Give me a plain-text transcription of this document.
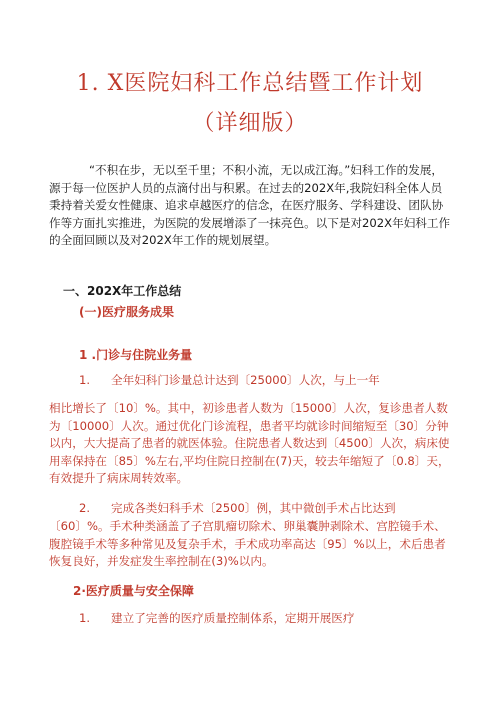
1. X医院妇科工作总结暨工作计划
（详细版）
“不积在步，无以至千里；不积小流，无以成江海。”妇科工作的发展，源于每一位医护人员的点滴付出与积累。在过去的202X年,我院妇科全体人员秉持着关爱女性健康、追求卓越医疗的信念，在医疗服务、学科建设、团队协作等方面扎实推进，为医院的发展增添了一抹亮色。以下是对202X年妇科工作的全面回顾以及对202X年工作的规划展望。
一、202X年工作总结
(一)医疗服务成果
1 .门诊与住院业务量
1. 全年妇科门诊量总计达到〔25000〕人次，与上一年
相比增长了〔10〕%。其中，初诊患者人数为〔15000〕人次，复诊患者人数为〔10000〕人次。通过优化门诊流程，患者平均就诊时间缩短至〔30〕分钟以内，大大提高了患者的就医体验。住院患者人数达到〔4500〕人次，病床使用率保持在〔85〕%左右,平均住院日控制在(7)天，较去年缩短了〔0.8〕天，有效提升了病床周转效率。
2. 完成各类妇科手术〔2500〕例，其中微创手术占比达到
〔60〕%。手术种类涵盖了子宫肌瘤切除术、卵巢囊肿剥除术、宫腔镜手术、腹腔镜手术等多种常见及复杂手术，手术成功率高达〔95〕%以上，术后患者恢复良好，并发症发生率控制在(3)%以内。
2·医疗质量与安全保障
1. 建立了完善的医疗质量控制体系，定期开展医疗
